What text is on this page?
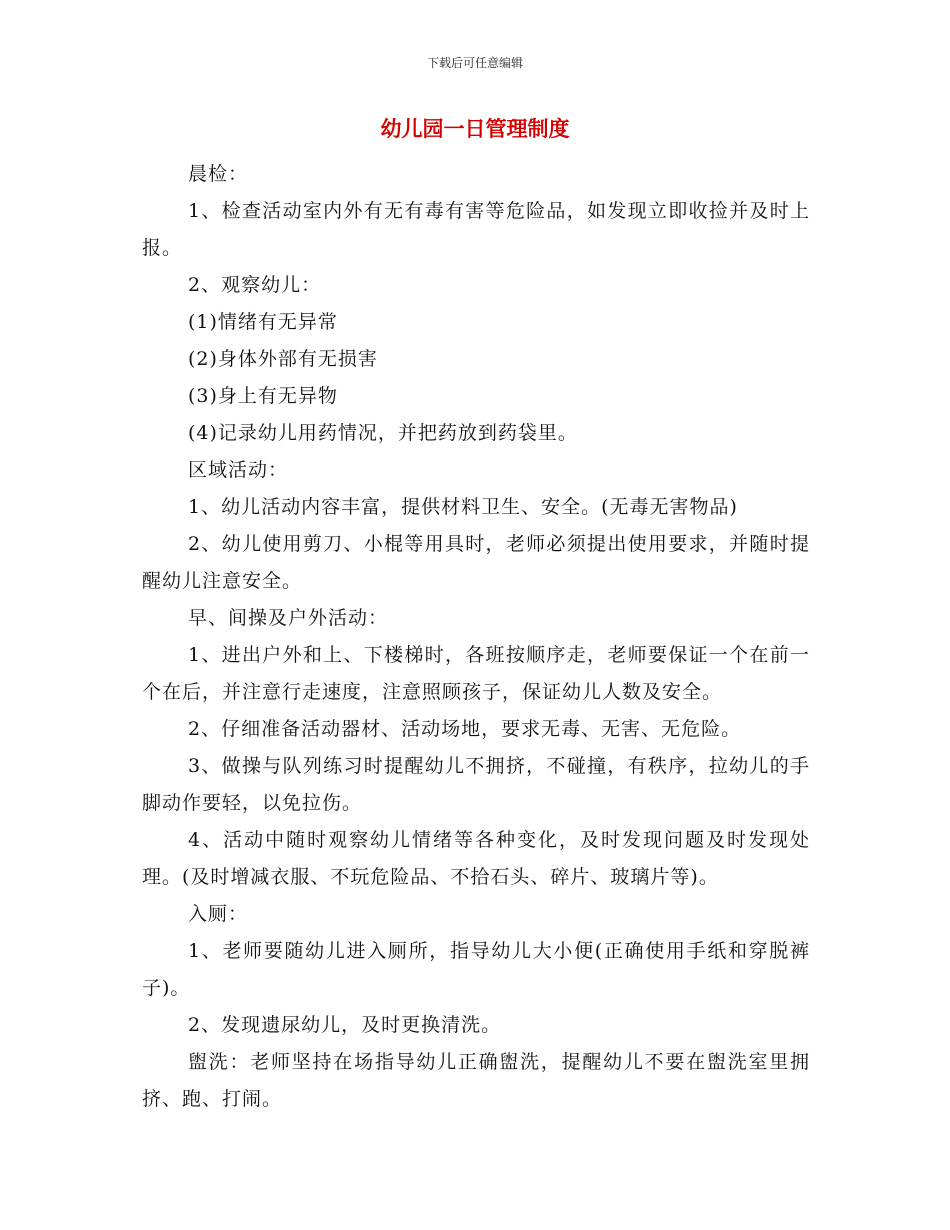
下载后可任意编辑
幼儿园一日管理制度

晨检：

1、检查活动室内外有无有毒有害等危险品，如发现立即收捡并及时上报。

2、观察幼儿：

(1)情绪有无异常

(2)身体外部有无损害

(3)身上有无异物

(4)记录幼儿用药情况，并把药放到药袋里。

区域活动：

1、幼儿活动内容丰富，提供材料卫生、安全。(无毒无害物品)

2、幼儿使用剪刀、小棍等用具时，老师必须提出使用要求，并随时提醒幼儿注意安全。

早、间操及户外活动：

1、进出户外和上、下楼梯时，各班按顺序走，老师要保证一个在前一个在后，并注意行走速度，注意照顾孩子，保证幼儿人数及安全。

2、仔细准备活动器材、活动场地，要求无毒、无害、无危险。

3、做操与队列练习时提醒幼儿不拥挤，不碰撞，有秩序，拉幼儿的手脚动作要轻，以免拉伤。

4、活动中随时观察幼儿情绪等各种变化，及时发现问题及时发现处理。(及时增减衣服、不玩危险品、不拾石头、碎片、玻璃片等)。

入厕：

1、老师要随幼儿进入厕所，指导幼儿大小便(正确使用手纸和穿脱裤子)。

2、发现遗尿幼儿，及时更换清洗。

盥洗：老师坚持在场指导幼儿正确盥洗，提醒幼儿不要在盥洗室里拥挤、跑、打闹。
